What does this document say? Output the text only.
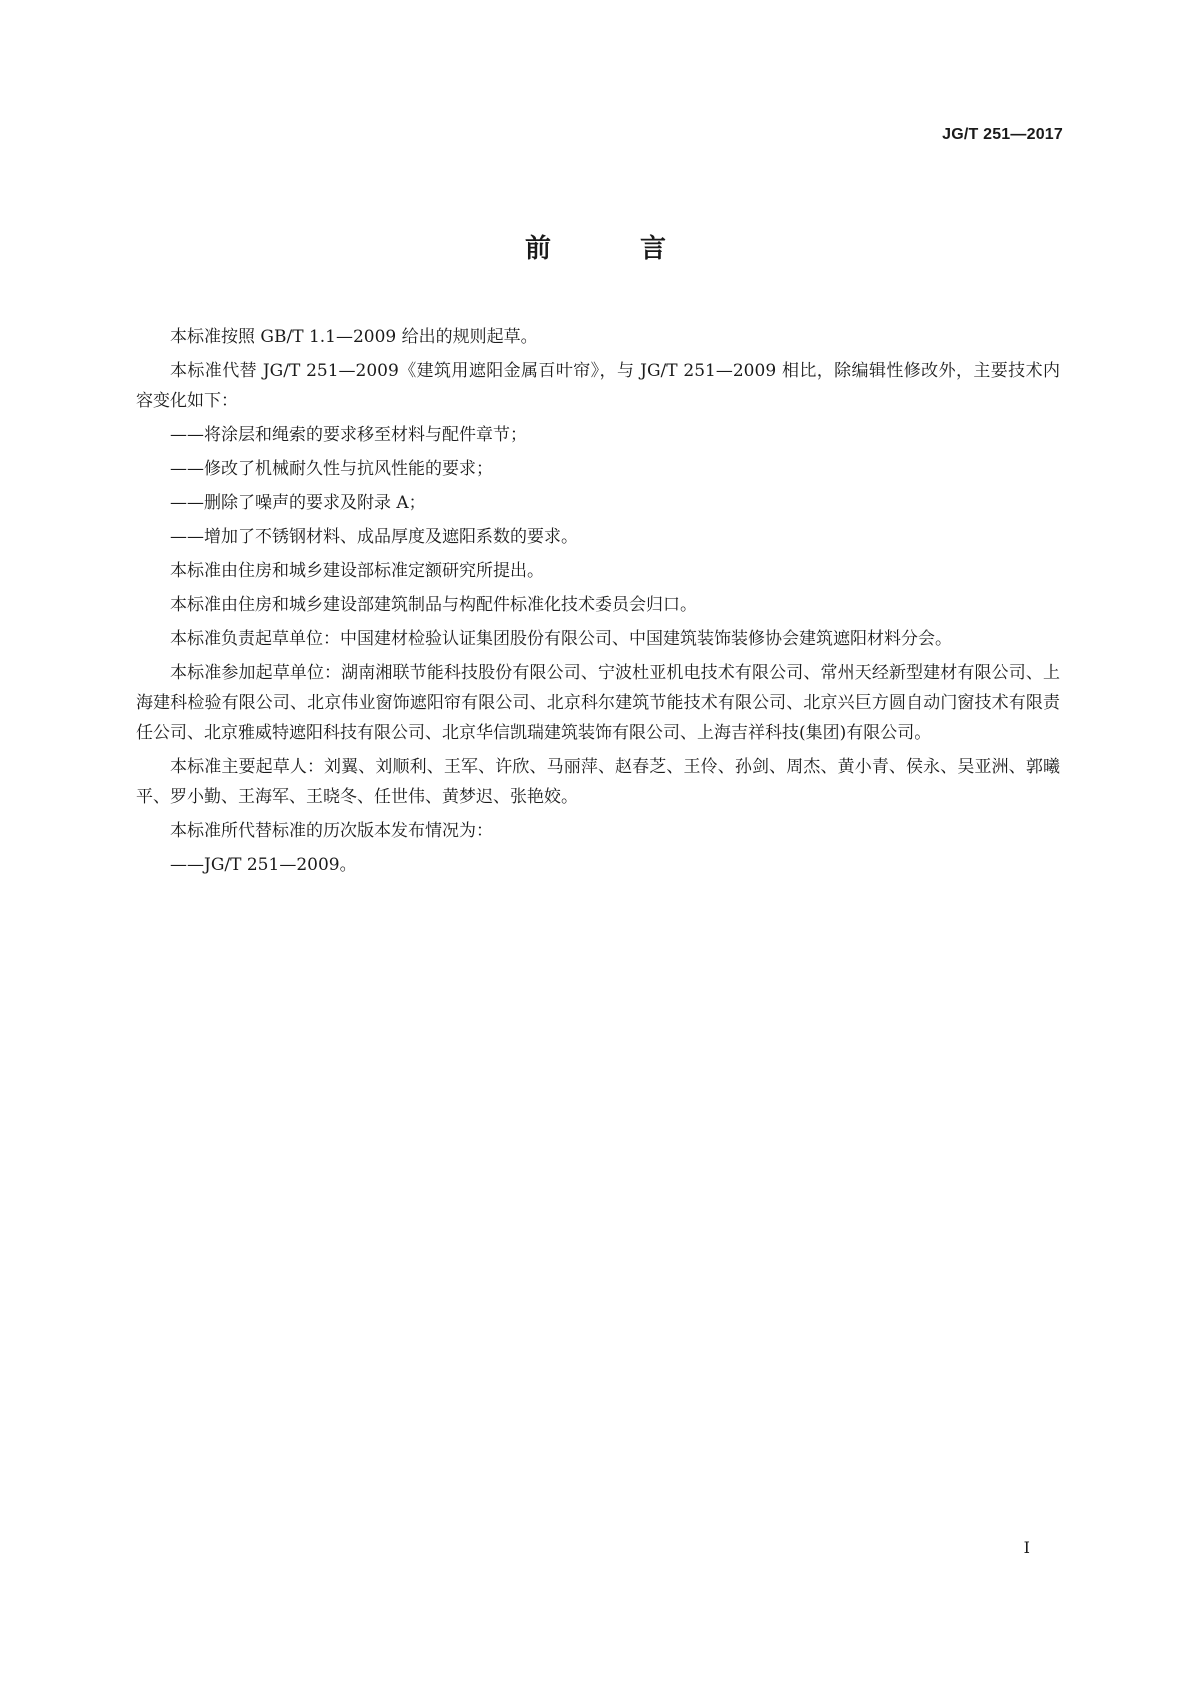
JG/T 251—2017
前 言

本标准按照 GB/T 1.1—2009 给出的规则起草。

本标准代替 JG/T 251—2009《建筑用遮阳金属百叶帘》，与 JG/T 251—2009 相比，除编辑性修改外，主要技术内容变化如下：

——将涂层和绳索的要求移至材料与配件章节；

——修改了机械耐久性与抗风性能的要求；

——删除了噪声的要求及附录 A；

——增加了不锈钢材料、成品厚度及遮阳系数的要求。

本标准由住房和城乡建设部标准定额研究所提出。

本标准由住房和城乡建设部建筑制品与构配件标准化技术委员会归口。

本标准负责起草单位：中国建材检验认证集团股份有限公司、中国建筑装饰装修协会建筑遮阳材料分会。

本标准参加起草单位：湖南湘联节能科技股份有限公司、宁波杜亚机电技术有限公司、常州天经新型建材有限公司、上海建科检验有限公司、北京伟业窗饰遮阳帘有限公司、北京科尔建筑节能技术有限公司、北京兴巨方圆自动门窗技术有限责任公司、北京雅威特遮阳科技有限公司、北京华信凯瑞建筑装饰有限公司、上海吉祥科技(集团)有限公司。

本标准主要起草人：刘翼、刘顺利、王军、许欣、马丽萍、赵春芝、王伶、孙剑、周杰、黄小青、侯永、吴亚洲、郭曦平、罗小勤、王海军、王晓冬、任世伟、黄梦迟、张艳姣。

本标准所代替标准的历次版本发布情况为：

——JG/T 251—2009。

I
